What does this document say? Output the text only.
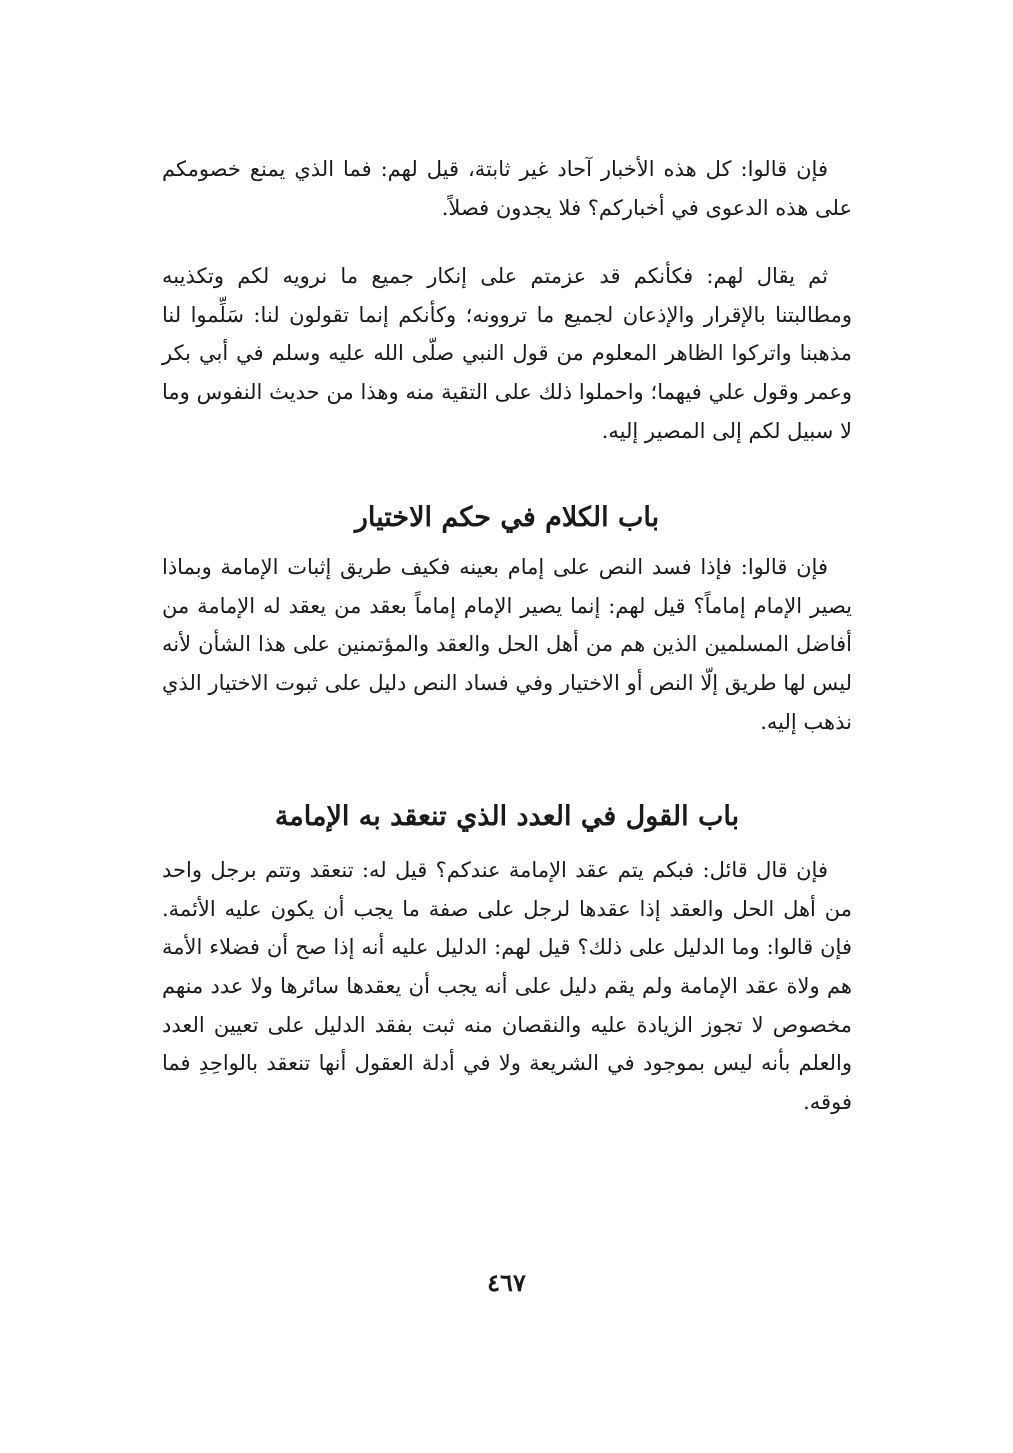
فإن قالوا: كل هذه الأخبار آحاد غير ثابتة، قيل لهم: فما الذي يمنع خصومكم على هذه الدعوى في أخباركم؟ فلا يجدون فصلاً.

ثم يقال لهم: فكأنكم قد عزمتم على إنكار جميع ما نرويه لكم وتكذيبه ومطالبتنا بالإقرار والإذعان لجميع ما تروونه؛ وكأنكم إنما تقولون لنا: سَلِّموا لنا مذهبنا واتركوا الظاهر المعلوم من قول النبي صلّى الله عليه وسلم في أبي بكر وعمر وقول علي فيهما؛ واحملوا ذلك على التقية منه وهذا من حديث النفوس وما لا سبيل لكم إلى المصير إليه.

باب الكلام في حكم الاختيار

فإن قالوا: فإذا فسد النص على إمام بعينه فكيف طريق إثبات الإمامة وبماذا يصير الإمام إماماً؟ قيل لهم: إنما يصير الإمام إماماً بعقد من يعقد له الإمامة من أفاضل المسلمين الذين هم من أهل الحل والعقد والمؤتمنين على هذا الشأن لأنه ليس لها طريق إلّا النص أو الاختيار وفي فساد النص دليل على ثبوت الاختيار الذي نذهب إليه.

باب القول في العدد الذي تنعقد به الإمامة

فإن قال قائل: فبكم يتم عقد الإمامة عندكم؟ قيل له: تنعقد وتتم برجل واحد من أهل الحل والعقد إذا عقدها لرجل على صفة ما يجب أن يكون عليه الأئمة. فإن قالوا: وما الدليل على ذلك؟ قيل لهم: الدليل عليه أنه إذا صح أن فضلاء الأمة هم ولاة عقد الإمامة ولم يقم دليل على أنه يجب أن يعقدها سائرها ولا عدد منهم مخصوص لا تجوز الزيادة عليه والنقصان منه ثبت بفقد الدليل على تعيين العدد والعلم بأنه ليس بموجود في الشريعة ولا في أدلة العقول أنها تنعقد بالواحِدِ فما فوقه.

٤٦٧
